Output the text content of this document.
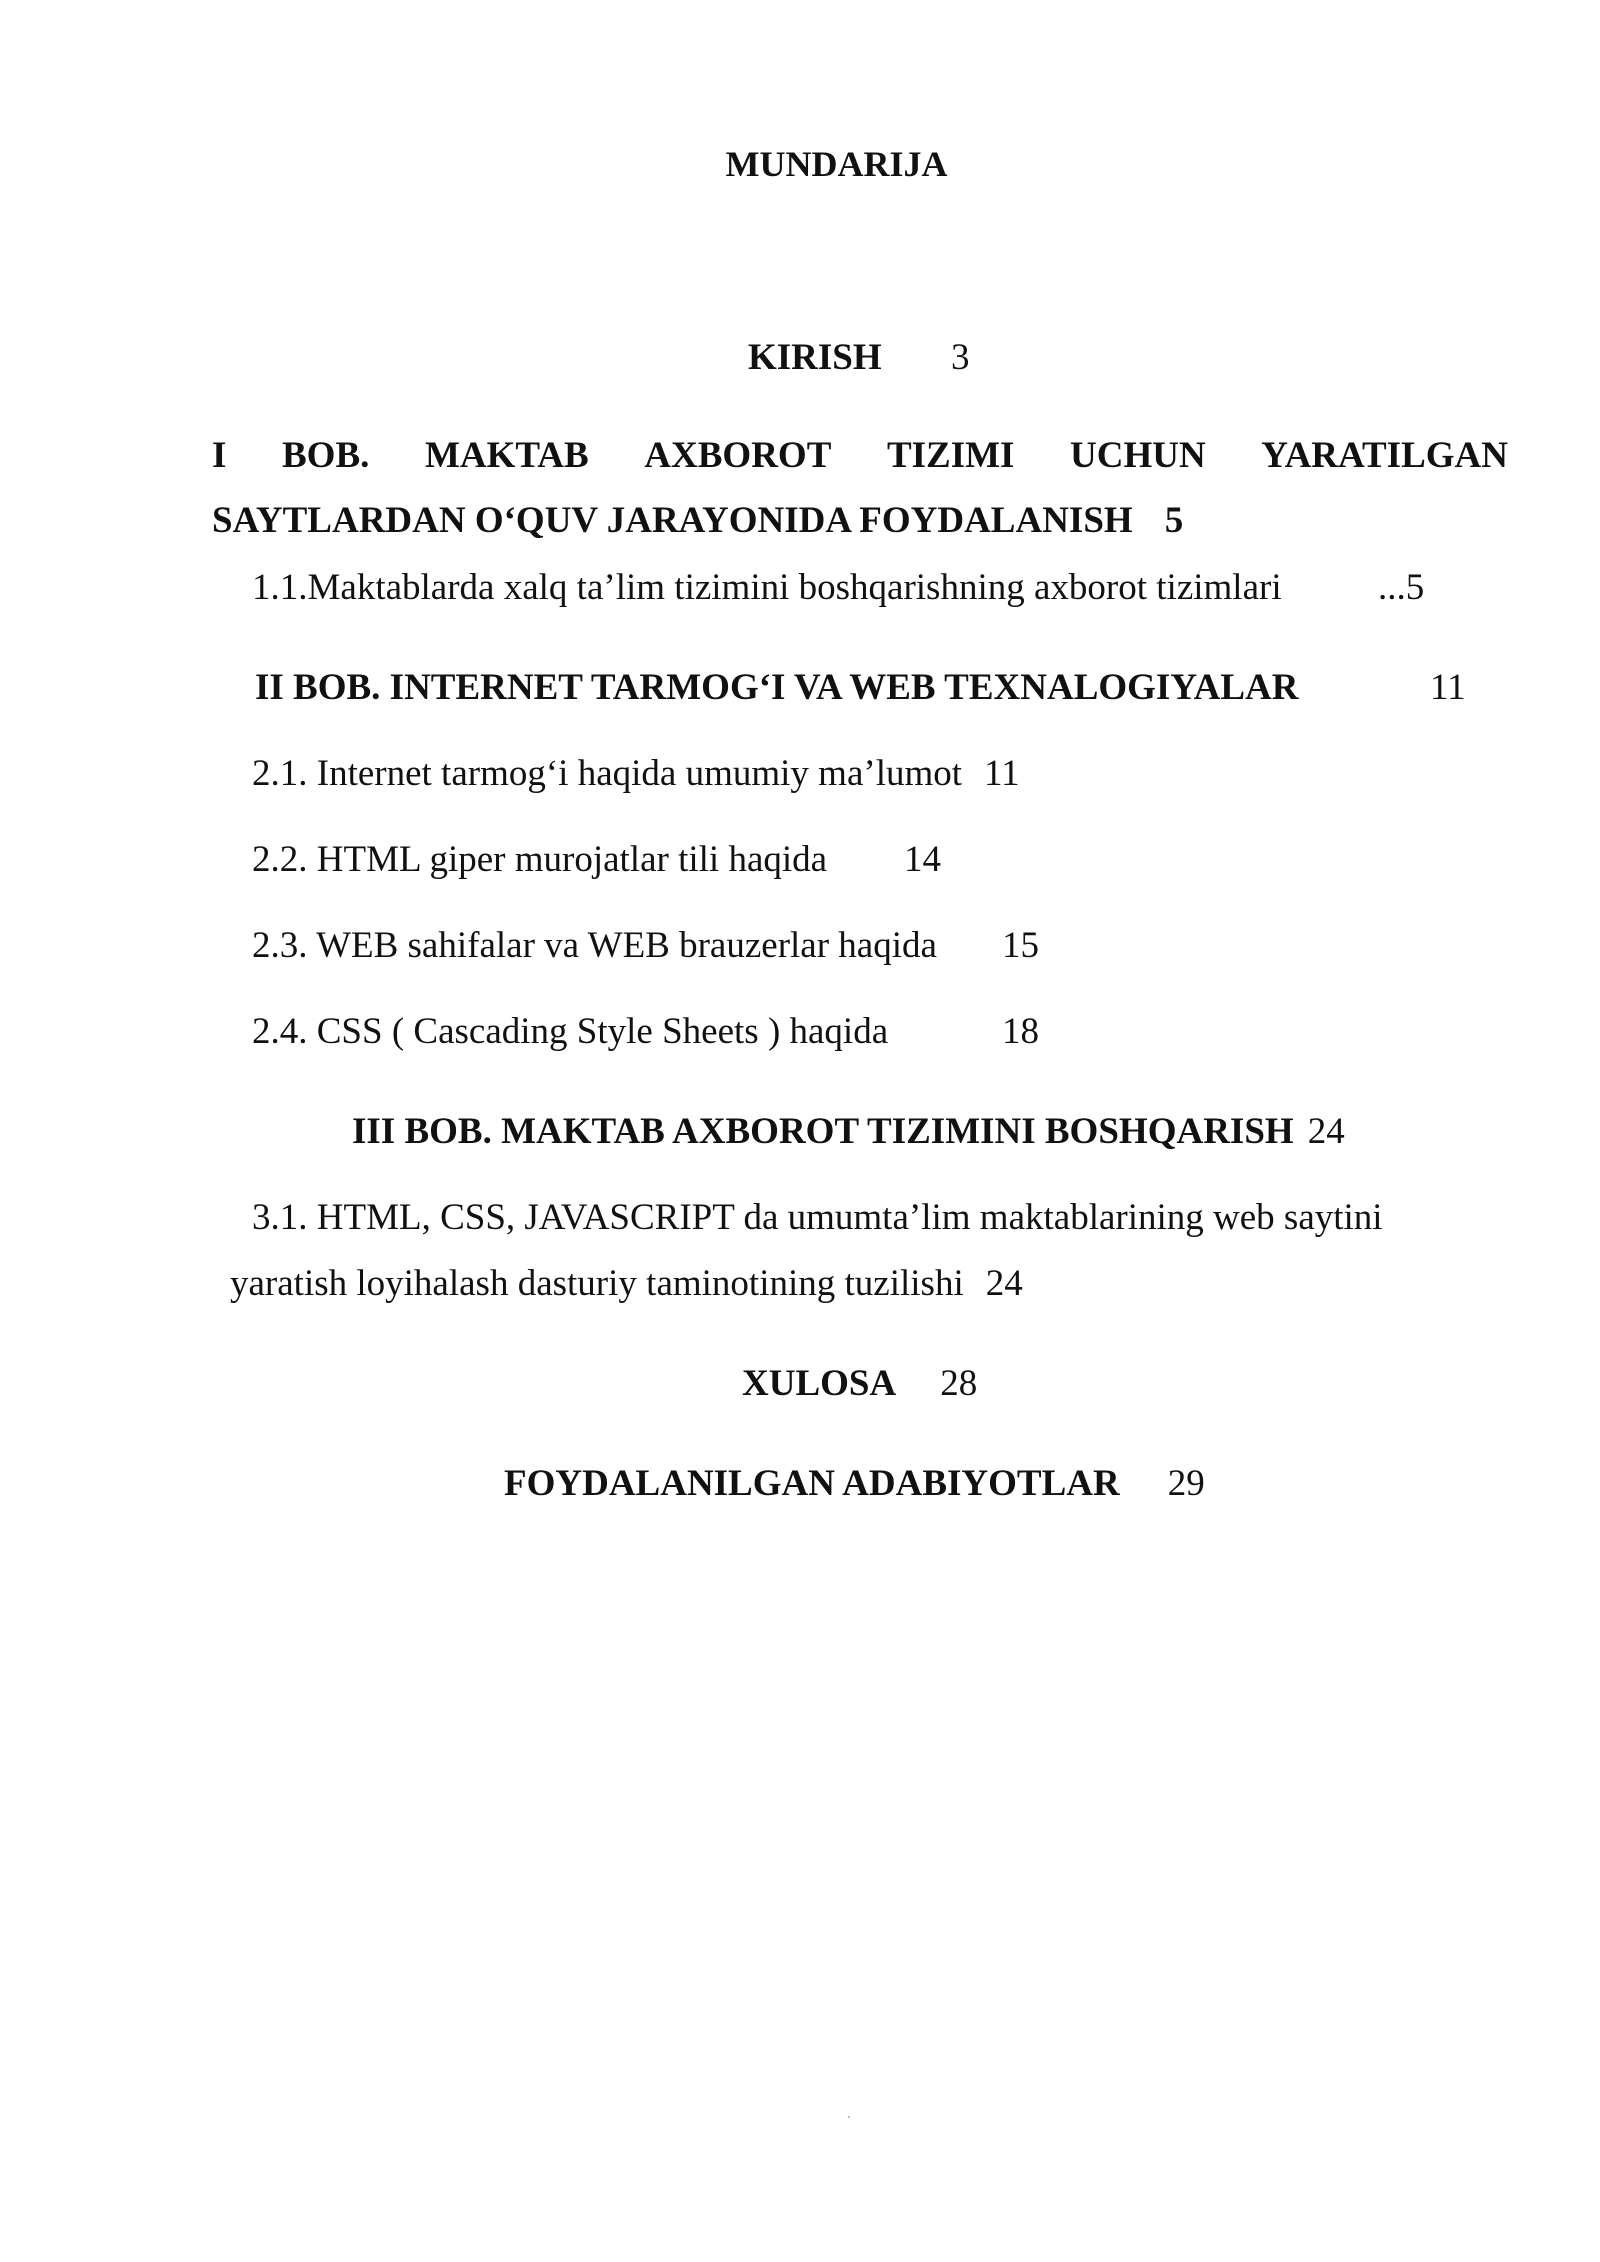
MUNDARIJA
KIRISH 3
I BOB. MAKTAB AXBOROT TIZIMI UCHUN YARATILGAN
SAYTLARDAN O‘QUV JARAYONIDA FOYDALANISH 5
1.1.Maktablarda xalq ta’lim tizimini boshqarishning axborot tizimlari	...5
II BOB. INTERNET TARMOG‘I VA WEB TEXNALOGIYALAR	11
2.1. Internet tarmog‘i haqida umumiy ma’lumot 11
2.2. HTML giper murojatlar tili haqida 14
2.3. WEB sahifalar va WEB brauzerlar haqida 15
2.4. CSS ( Cascading Style Sheets ) haqida	18
III BOB. MAKTAB AXBOROT TIZIMINI BOSHQARISH 24
3.1. HTML, CSS, JAVASCRIPT da umumta’lim maktablarining web saytini
yaratish loyihalash dasturiy taminotining tuzilishi 24
XULOSA 28
FOYDALANILGAN ADABIYOTLAR 29
